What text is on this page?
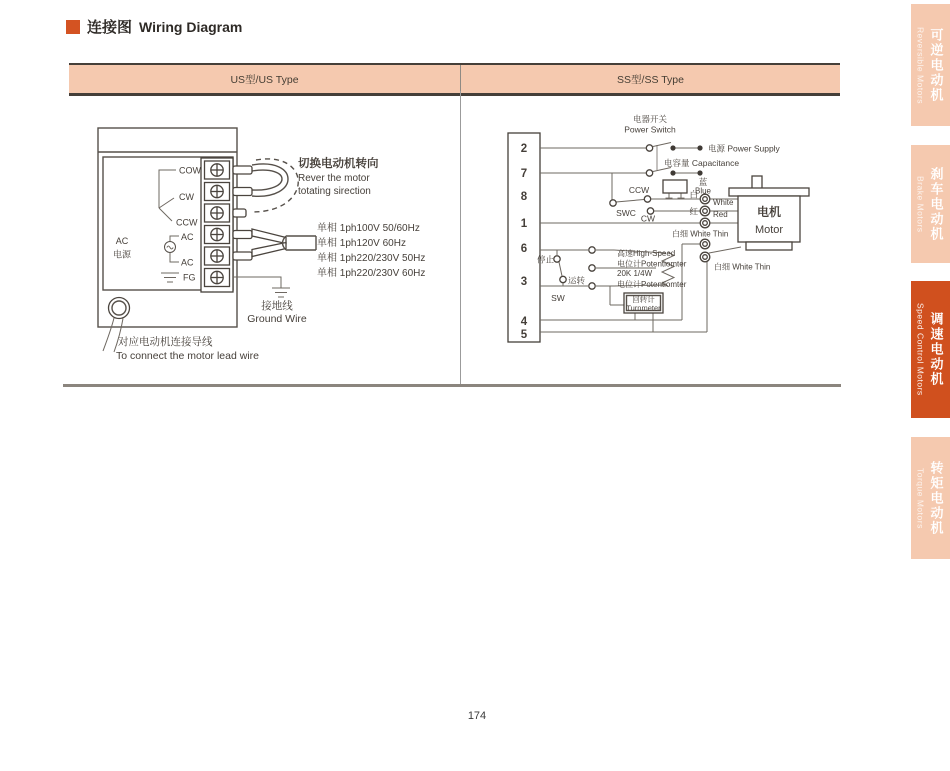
连接图 Wiring Diagram
US型/US Type	SS型/SS Type
COW
CW
CCW
AC
AC
FG
AC
电源
切换电动机转向
Rever the motor
totating sirection
单相 1ph100V 50/60Hz
单相 1ph120V 60Hz
单相 1ph220/230V 50Hz
单相 1ph220/230V 60Hz
接地线
Ground Wire
对应电动机连接导线
To connect the motor lead wire
2
7
8
1
6
3
4
5
电机
Motor
回转计
Turnmeter
电器开关
Power Switch
电源 Power Supply
电容量 Capacitance
蓝
Blue
CCW
SWC
CW
白
White
红 Red
白细 White Thin
白细 White Thin
停止
运转
SW
高速High-Speed
电位计Potentiomter
20K 1/4W
电位计Potentiomter
174
Reversible Motors 可逆电动机
Brake Motors 刹车电动机
Speed Control Motors 调速电动机
Torque Motors 转矩电动机
